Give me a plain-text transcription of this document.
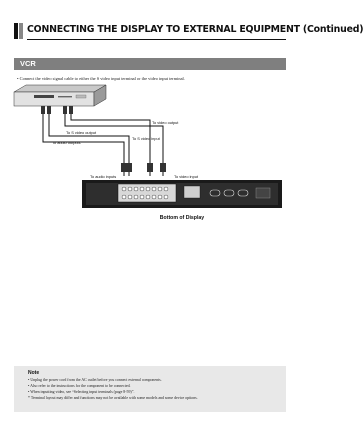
CONNECTING THE DISPLAY TO EXTERNAL EQUIPMENT (Continued)
VCR
• Connect the video signal cable to either the S video input terminal or the video input terminal.
To video output
To S video output
To audio outputs
To S video input
To audio inputs	To video input
Bottom of Display
Note
• Unplug the power cord from the AC outlet before you connect external components.
• Also refer to the instructions for the component to be connected.
• When inputting video, see “Selecting input terminals (page 8-59)”.
* Terminal layout may differ and functions may not be available with some models and some device options.
